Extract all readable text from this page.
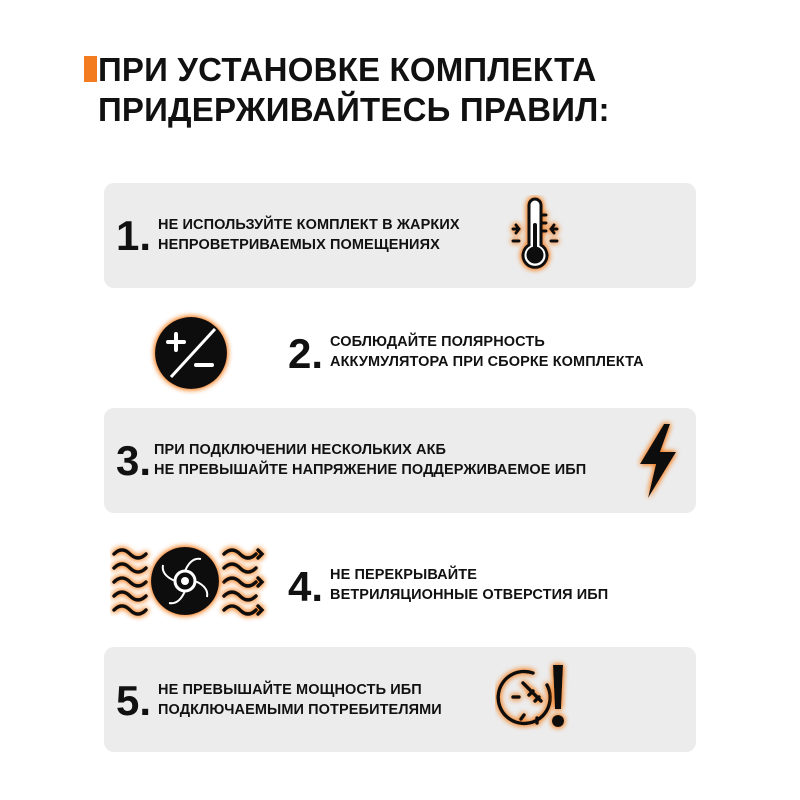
ПРИ УСТАНОВКЕ КОМПЛЕКТА
ПРИДЕРЖИВАЙТЕСЬ ПРАВИЛ:
1. НЕ ИСПОЛЬЗУЙТЕ КОМПЛЕКТ В ЖАРКИХ
НЕПРОВЕТРИВАЕМЫХ ПОМЕЩЕНИЯХ
2. СОБЛЮДАЙТЕ ПОЛЯРНОСТЬ
АККУМУЛЯТОРА ПРИ СБОРКЕ КОМПЛЕКТА
3. ПРИ ПОДКЛЮЧЕНИИ НЕСКОЛЬКИХ АКБ
НЕ ПРЕВЫШАЙТЕ НАПРЯЖЕНИЕ ПОДДЕРЖИВАЕМОЕ ИБП
4. НЕ ПЕРЕКРЫВАЙТЕ
ВЕТРИЛЯЦИОННЫЕ ОТВЕРСТИЯ ИБП
5. НЕ ПРЕВЫШАЙТЕ МОЩНОСТЬ ИБП
ПОДКЛЮЧАЕМЫМИ ПОТРЕБИТЕЛЯМИ
